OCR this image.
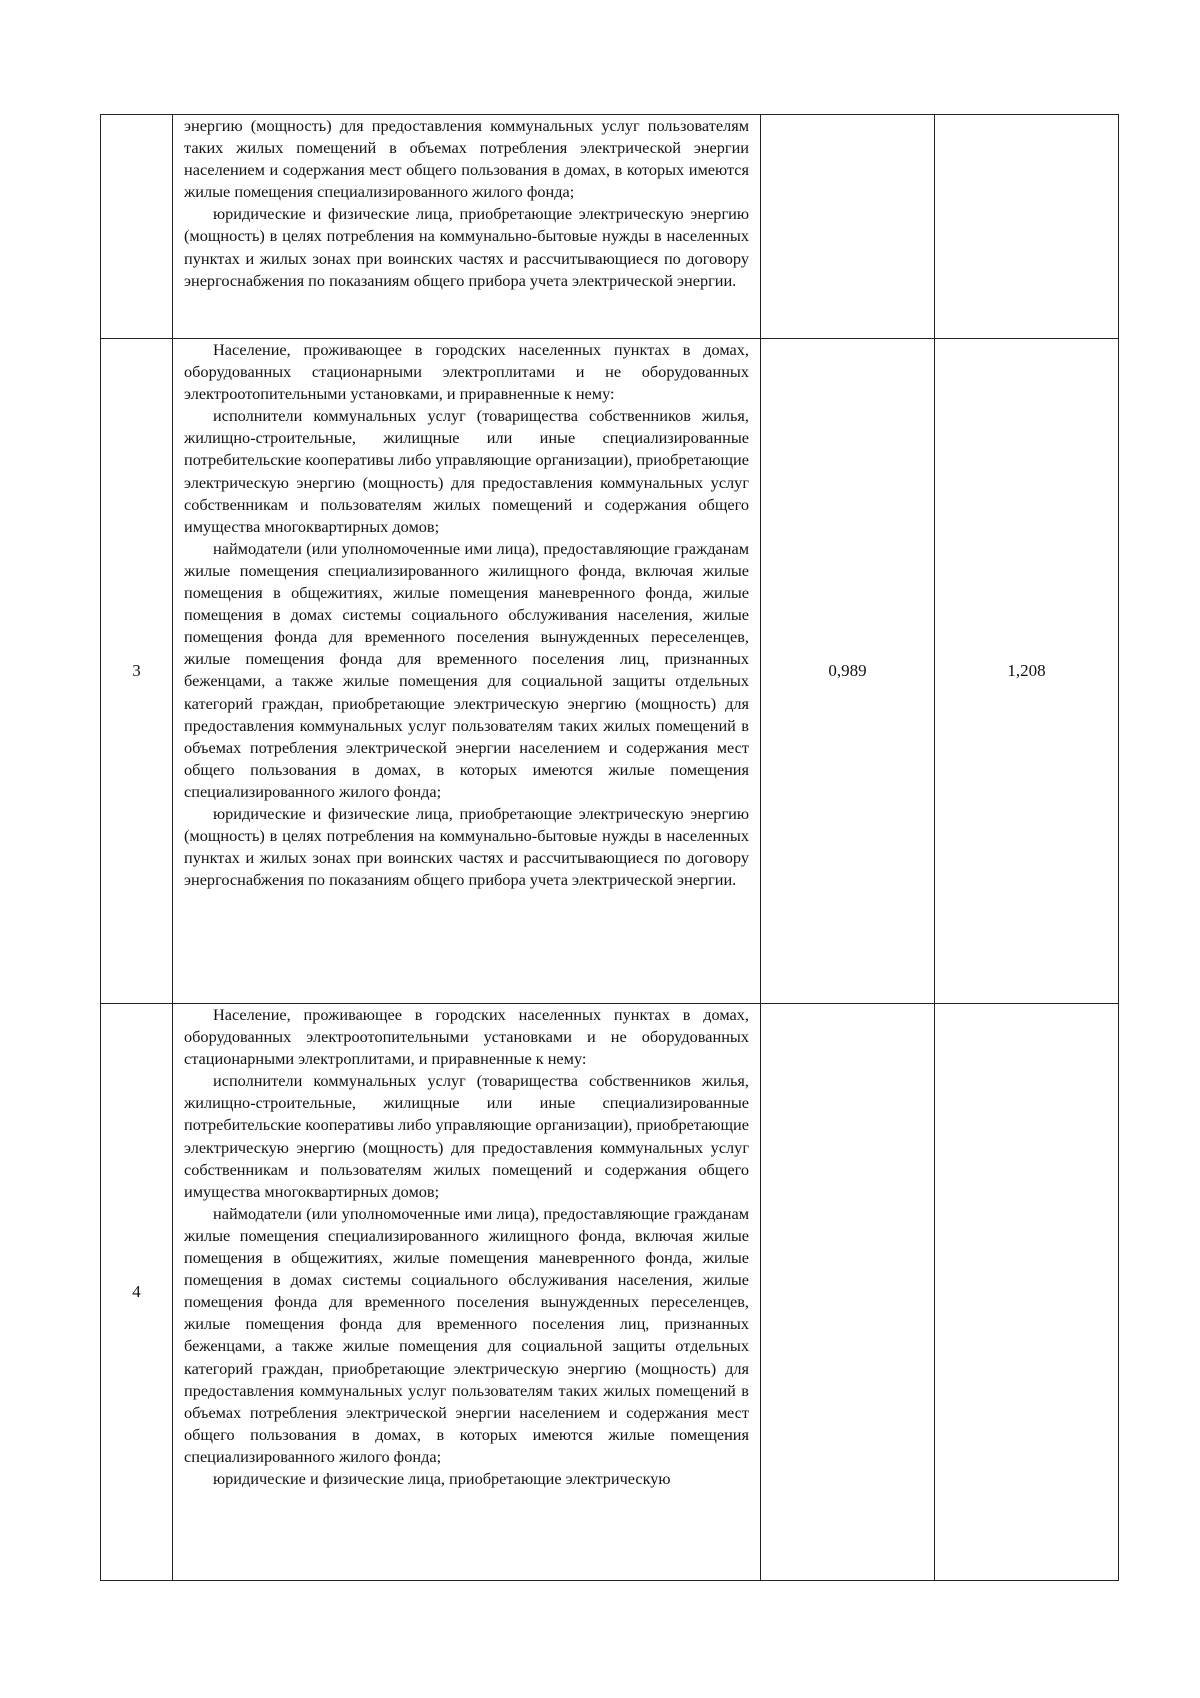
	энергию (мощность) для предоставления коммунальных услуг пользователям таких жилых помещений в объемах потребления электрической энергии населением и содержания мест общего пользования в домах, в которых имеются жилые помещения специализированного жилого фонда;

юридические и физические лица, приобретающие электрическую энергию (мощность) в целях потребления на коммунально-бытовые нужды в населенных пунктах и жилых зонах при воинских частях и рассчитывающиеся по договору энергоснабжения по показаниям общего прибора учета электрической энергии.		

3	Население, проживающее в городских населенных пунктах в домах, оборудованных стационарными электроплитами и не оборудованных электроотопительными установками, и приравненные к нему:

исполнители коммунальных услуг (товарищества собственников жилья, жилищно-строительные, жилищные или иные специализированные потребительские кооперативы либо управляющие организации), приобретающие электрическую энергию (мощность) для предоставления коммунальных услуг собственникам и пользователям жилых помещений и содержания общего имущества многоквартирных домов;

наймодатели (или уполномоченные ими лица), предоставляющие гражданам жилые помещения специализированного жилищного фонда, включая жилые помещения в общежитиях, жилые помещения маневренного фонда, жилые помещения в домах системы социального обслуживания населения, жилые помещения фонда для временного поселения вынужденных переселенцев, жилые помещения фонда для временного поселения лиц, признанных беженцами, а также жилые помещения для социальной защиты отдельных категорий граждан, приобретающие электрическую энергию (мощность) для предоставления коммунальных услуг пользователям таких жилых помещений в объемах потребления электрической энергии населением и содержания мест общего пользования в домах, в которых имеются жилые помещения специализированного жилого фонда;

юридические и физические лица, приобретающие электрическую энергию (мощность) в целях потребления на коммунально-бытовые нужды в населенных пунктах и жилых зонах при воинских частях и рассчитывающиеся по договору энергоснабжения по показаниям общего прибора учета электрической энергии.	0,989	1,208
4	Население, проживающее в городских населенных пунктах в домах, оборудованных электроотопительными установками и не оборудованных стационарными электроплитами, и приравненные к нему:

исполнители коммунальных услуг (товарищества собственников жилья, жилищно-строительные, жилищные или иные специализированные потребительские кооперативы либо управляющие организации), приобретающие электрическую энергию (мощность) для предоставления коммунальных услуг собственникам и пользователям жилых помещений и содержания общего имущества многоквартирных домов;

наймодатели (или уполномоченные ими лица), предоставляющие гражданам жилые помещения специализированного жилищного фонда, включая жилые помещения в общежитиях, жилые помещения маневренного фонда, жилые помещения в домах системы социального обслуживания населения, жилые помещения фонда для временного поселения вынужденных переселенцев, жилые помещения фонда для временного поселения лиц, признанных беженцами, а также жилые помещения для социальной защиты отдельных категорий граждан, приобретающие электрическую энергию (мощность) для предоставления коммунальных услуг пользователям таких жилых помещений в объемах потребления электрической энергии населением и содержания мест общего пользования в домах, в которых имеются жилые помещения специализированного жилого фонда;

юридические и физические лица, приобретающие электрическую		
